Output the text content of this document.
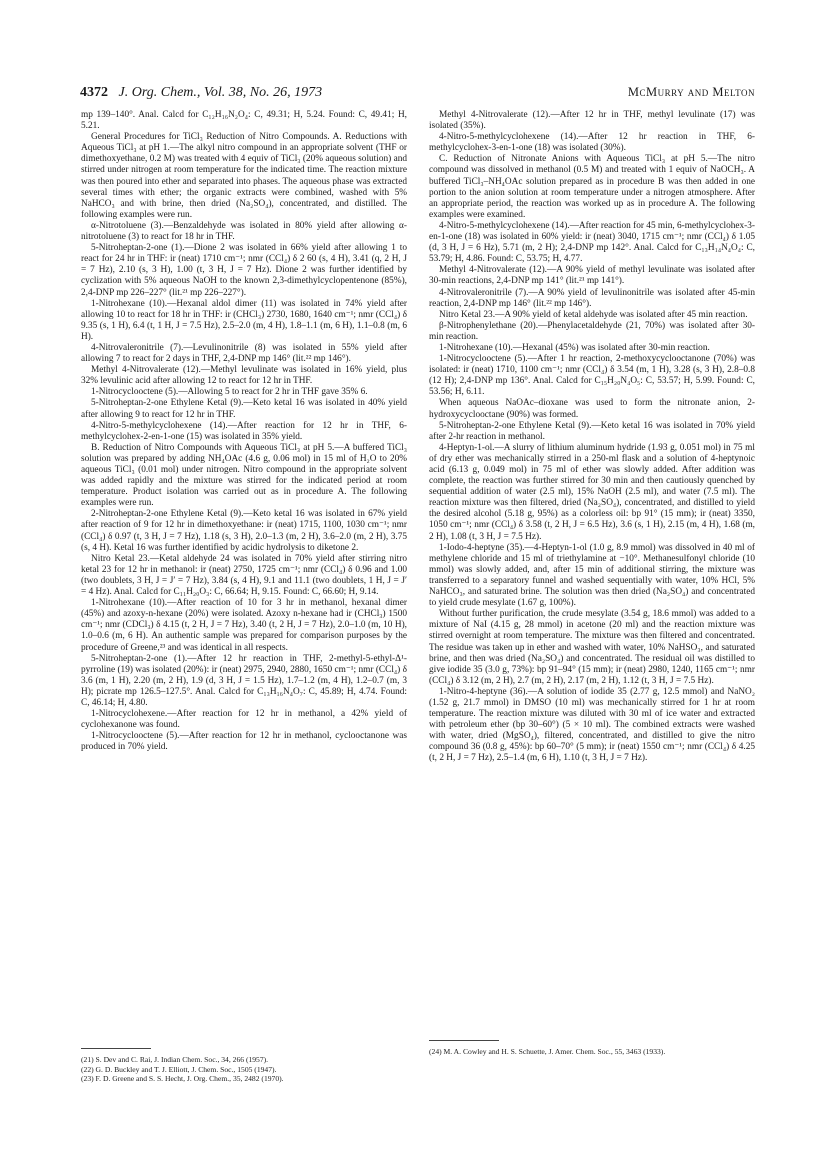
4372 J. Org. Chem., Vol. 38, No. 26, 1973	McMurry and Melton

mp 139–140°. Anal. Calcd for C₁₂H₁₆N₂O₄: C, 49.31; H, 5.24. Found: C, 49.41; H, 5.21.

General Procedures for TiCl₃ Reduction of Nitro Compounds. A. Reductions with Aqueous TiCl₃ at pH 1.—The alkyl nitro compound in an appropriate solvent (THF or dimethoxyethane, 0.2 M) was treated with 4 equiv of TiCl₃ (20% aqueous solution) and stirred under nitrogen at room temperature for the indicated time. The reaction mixture was then poured into ether and separated into phases. The aqueous phase was extracted several times with ether; the organic extracts were combined, washed with 5% NaHCO₃ and with brine, then dried (Na₂SO₄), concentrated, and distilled. The following examples were run.

α-Nitrotoluene (3).—Benzaldehyde was isolated in 80% yield after allowing α-nitrotoluene (3) to react for 18 hr in THF.

5-Nitroheptan-2-one (1).—Dione 2 was isolated in 66% yield after allowing 1 to react for 24 hr in THF: ir (neat) 1710 cm⁻¹; nmr (CCl₄) δ 2 60 (s, 4 H), 3.41 (q, 2 H, J = 7 Hz), 2.10 (s, 3 H), 1.00 (t, 3 H, J = 7 Hz). Dione 2 was further identified by cyclization with 5% aqueous NaOH to the known 2,3-dimethylcyclopentenone (85%), 2,4-DNP mp 226–227° (lit.²¹ mp 226–227°).

1-Nitrohexane (10).—Hexanal aldol dimer (11) was isolated in 74% yield after allowing 10 to react for 18 hr in THF: ir (CHCl₃) 2730, 1680, 1640 cm⁻¹; nmr (CCl₄) δ 9.35 (s, 1 H), 6.4 (t, 1 H, J = 7.5 Hz), 2.5–2.0 (m, 4 H), 1.8–1.1 (m, 6 H), 1.1–0.8 (m, 6 H).

4-Nitrovaleronitrile (7).—Levulinonitrile (8) was isolated in 55% yield after allowing 7 to react for 2 days in THF, 2,4-DNP mp 146° (lit.²² mp 146°).

Methyl 4-Nitrovalerate (12).—Methyl levulinate was isolated in 16% yield, plus 32% levulinic acid after allowing 12 to react for 12 hr in THF.

1-Nitrocyclooctene (5).—Allowing 5 to react for 2 hr in THF gave 35% 6.

5-Nitroheptan-2-one Ethylene Ketal (9).—Keto ketal 16 was isolated in 40% yield after allowing 9 to react for 12 hr in THF.

4-Nitro-5-methylcyclohexene (14).—After reaction for 12 hr in THF, 6-methylcyclohex-2-en-1-one (15) was isolated in 35% yield.

B. Reduction of Nitro Compounds with Aqueous TiCl₃ at pH 5.—A buffered TiCl₃ solution was prepared by adding NH₄OAc (4.6 g, 0.06 mol) in 15 ml of H₂O to 20% aqueous TiCl₃ (0.01 mol) under nitrogen. Nitro compound in the appropriate solvent was added rapidly and the mixture was stirred for the indicated period at room temperature. Product isolation was carried out as in procedure A. The following examples were run.

2-Nitroheptan-2-one Ethylene Ketal (9).—Keto ketal 16 was isolated in 67% yield after reaction of 9 for 12 hr in dimethoxyethane: ir (neat) 1715, 1100, 1030 cm⁻¹; nmr (CCl₄) δ 0.97 (t, 3 H, J = 7 Hz), 1.18 (s, 3 H), 2.0–1.3 (m, 2 H), 3.6–2.0 (m, 2 H), 3.75 (s, 4 H). Ketal 16 was further identified by acidic hydrolysis to diketone 2.

Nitro Ketal 23.—Ketal aldehyde 24 was isolated in 70% yield after stirring nitro ketal 23 for 12 hr in methanol: ir (neat) 2750, 1725 cm⁻¹; nmr (CCl₄) δ 0.96 and 1.00 (two doublets, 3 H, J = J′ = 7 Hz), 3.84 (s, 4 H), 9.1 and 11.1 (two doublets, 1 H, J = J′ = 4 Hz). Anal. Calcd for C₁₁H₂₀O₃: C, 66.64; H, 9.15. Found: C, 66.60; H, 9.14.

1-Nitrohexane (10).—After reaction of 10 for 3 hr in methanol, hexanal dimer (45%) and azoxy-n-hexane (20%) were isolated. Azoxy n-hexane had ir (CHCl₃) 1500 cm⁻¹; nmr (CDCl₃) δ 4.15 (t, 2 H, J = 7 Hz), 3.40 (t, 2 H, J = 7 Hz), 2.0–1.0 (m, 10 H), 1.0–0.6 (m, 6 H). An authentic sample was prepared for comparison purposes by the procedure of Greene,²³ and was identical in all respects.

5-Nitroheptan-2-one (1).—After 12 hr reaction in THF, 2-methyl-5-ethyl-Δ¹-pyrroline (19) was isolated (20%): ir (neat) 2975, 2940, 2880, 1650 cm⁻¹; nmr (CCl₄) δ 3.6 (m, 1 H), 2.20 (m, 2 H), 1.9 (d, 3 H, J = 1.5 Hz), 1.7–1.2 (m, 4 H), 1.2–0.7 (m, 3 H); picrate mp 126.5–127.5°. Anal. Calcd for C₁₃H₁₆N₄O₇: C, 45.89; H, 4.74. Found: C, 46.14; H, 4.80.

1-Nitrocyclohexene.—After reaction for 12 hr in methanol, a 42% yield of cyclohexanone was found.

1-Nitrocyclooctene (5).—After reaction for 12 hr in methanol, cyclooctanone was produced in 70% yield.

(21) S. Dev and C. Rai, J. Indian Chem. Soc., 34, 266 (1957).
(22) G. D. Buckley and T. J. Elliott, J. Chem. Soc., 1505 (1947).
(23) F. D. Greene and S. S. Hecht, J. Org. Chem., 35, 2482 (1970).

Methyl 4-Nitrovalerate (12).—After 12 hr in THF, methyl levulinate (17) was isolated (35%).

4-Nitro-5-methylcyclohexene (14).—After 12 hr reaction in THF, 6-methylcyclohex-3-en-1-one (18) was isolated (30%).

C. Reduction of Nitronate Anions with Aqueous TiCl₃ at pH 5.—The nitro compound was dissolved in methanol (0.5 M) and treated with 1 equiv of NaOCH₃. A buffered TiCl₃–NH₄OAc solution prepared as in procedure B was then added in one portion to the anion solution at room temperature under a nitrogen atmosphere. After an appropriate period, the reaction was worked up as in procedure A. The following examples were examined.

4-Nitro-5-methylcyclohexene (14).—After reaction for 45 min, 6-methylcyclohex-3-en-1-one (18) was isolated in 60% yield: ir (neat) 3040, 1715 cm⁻¹; nmr (CCl₄) δ 1.05 (d, 3 H, J = 6 Hz), 5.71 (m, 2 H); 2,4-DNP mp 142°. Anal. Calcd for C₁₃H₁₄N₄O₄: C, 53.79; H, 4.86. Found: C, 53.75; H, 4.77.

Methyl 4-Nitrovalerate (12).—A 90% yield of methyl levulinate was isolated after 30-min reactions, 2,4-DNP mp 141° (lit.²¹ mp 141°).

4-Nitrovaleronitrile (7).—A 90% yield of levulinonitrile was isolated after 45-min reaction, 2,4-DNP mp 146° (lit.²² mp 146°).

Nitro Ketal 23.—A 90% yield of ketal aldehyde was isolated after 45 min reaction.

β-Nitrophenylethane (20).—Phenylacetaldehyde (21, 70%) was isolated after 30-min reaction.

1-Nitrohexane (10).—Hexanal (45%) was isolated after 30-min reaction.

1-Nitrocyclooctene (5).—After 1 hr reaction, 2-methoxycyclooctanone (70%) was isolated: ir (neat) 1710, 1100 cm⁻¹; nmr (CCl₄) δ 3.54 (m, 1 H), 3.28 (s, 3 H), 2.8–0.8 (12 H); 2,4-DNP mp 136°. Anal. Calcd for C₁₅H₂₀N₄O₅: C, 53.57; H, 5.99. Found: C, 53.56; H, 6.11.

When aqueous NaOAc–dioxane was used to form the nitronate anion, 2-hydroxycyclooctane (90%) was formed.

5-Nitroheptan-2-one Ethylene Ketal (9).—Keto ketal 16 was isolated in 70% yield after 2-hr reaction in methanol.

4-Heptyn-1-ol.—A slurry of lithium aluminum hydride (1.93 g, 0.051 mol) in 75 ml of dry ether was mechanically stirred in a 250-ml flask and a solution of 4-heptynoic acid (6.13 g, 0.049 mol) in 75 ml of ether was slowly added. After addition was complete, the reaction was further stirred for 30 min and then cautiously quenched by sequential addition of water (2.5 ml), 15% NaOH (2.5 ml), and water (7.5 ml). The reaction mixture was then filtered, dried (Na₂SO₄), concentrated, and distilled to yield the desired alcohol (5.18 g, 95%) as a colorless oil: bp 91° (15 mm); ir (neat) 3350, 1050 cm⁻¹; nmr (CCl₄) δ 3.58 (t, 2 H, J = 6.5 Hz), 3.6 (s, 1 H), 2.15 (m, 4 H), 1.68 (m, 2 H), 1.08 (t, 3 H, J = 7.5 Hz).

1-Iodo-4-heptyne (35).—4-Heptyn-1-ol (1.0 g, 8.9 mmol) was dissolved in 40 ml of methylene chloride and 15 ml of triethylamine at −10°. Methanesulfonyl chloride (10 mmol) was slowly added, and, after 15 min of additional stirring, the mixture was transferred to a separatory funnel and washed sequentially with water, 10% HCl, 5% NaHCO₃, and saturated brine. The solution was then dried (Na₂SO₄) and concentrated to yield crude mesylate (1.67 g, 100%).

Without further purification, the crude mesylate (3.54 g, 18.6 mmol) was added to a mixture of NaI (4.15 g, 28 mmol) in acetone (20 ml) and the reaction mixture was stirred overnight at room temperature. The mixture was then filtered and concentrated. The residue was taken up in ether and washed with water, 10% NaHSO₃, and saturated brine, and then was dried (Na₂SO₄) and concentrated. The residual oil was distilled to give iodide 35 (3.0 g, 73%): bp 91–94° (15 mm); ir (neat) 2980, 1240, 1165 cm⁻¹; nmr (CCl₄) δ 3.12 (m, 2 H), 2.7 (m, 2 H), 2.17 (m, 2 H), 1.12 (t, 3 H, J = 7.5 Hz).

1-Nitro-4-heptyne (36).—A solution of iodide 35 (2.77 g, 12.5 mmol) and NaNO₂ (1.52 g, 21.7 mmol) in DMSO (10 ml) was mechanically stirred for 1 hr at room temperature. The reaction mixture was diluted with 30 ml of ice water and extracted with petroleum ether (bp 30–60°) (5 × 10 ml). The combined extracts were washed with water, dried (MgSO₄), filtered, concentrated, and distilled to give the nitro compound 36 (0.8 g, 45%): bp 60–70° (5 mm); ir (neat) 1550 cm⁻¹; nmr (CCl₄) δ 4.25 (t, 2 H, J = 7 Hz), 2.5–1.4 (m, 6 H), 1.10 (t, 3 H, J = 7 Hz).

(24) M. A. Cowley and H. S. Schuette, J. Amer. Chem. Soc., 55, 3463 (1933).
